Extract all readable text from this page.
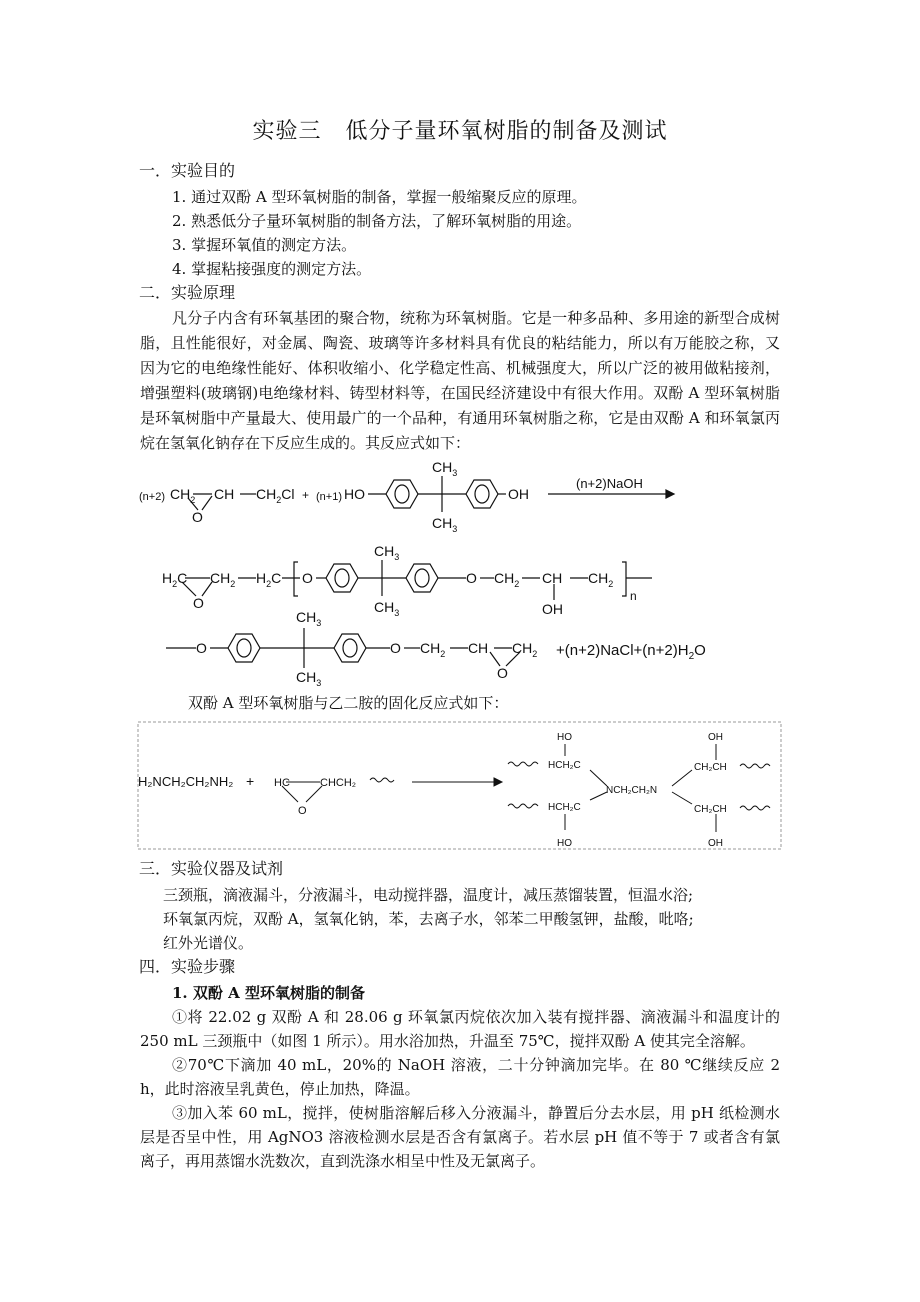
实验三 低分子量环氧树脂的制备及测试
一．实验目的
1. 通过双酚 A 型环氧树脂的制备，掌握一般缩聚反应的原理。
2. 熟悉低分子量环氧树脂的制备方法，了解环氧树脂的用途。
3. 掌握环氧值的测定方法。
4. 掌握粘接强度的测定方法。
二．实验原理
凡分子内含有环氧基团的聚合物，统称为环氧树脂。它是一种多品种、多用途的新型合成树脂，且性能很好，对金属、陶瓷、玻璃等许多材料具有优良的粘结能力，所以有万能胶之称，又因为它的电绝缘性能好、体积收缩小、化学稳定性高、机械强度大，所以广泛的被用做粘接剂，增强塑料(玻璃钢)电绝缘材料、铸型材料等，在国民经济建设中有很大作用。双酚 A 型环氧树脂是环氧树脂中产量最大、使用最广的一个品种，有通用环氧树脂之称，它是由双酚 A 和环氧氯丙烷在氢氧化钠存在下反应生成的。其反应式如下：
(n+2) $CH_2$ CH $CH_2Cl$
O
+ (n+1) HO	OH
$CH_3$
$CH_3$
(n+2)NaOH
$H_2C$ $CH_2$ $H_2C$
O
O
$CH_3$
$CH_3$
O $CH_2$ CH
OH
$CH_2$
n
O
$CH_3$
$CH_3$
O $CH_2$ C H $CH_2$
O
$+(n+2)NaCl+(n+2)H_2O$
双酚 A 型环氧树脂与乙二胺的固化反应式如下：
H₂NCH₂CH₂NH₂ + HC	CHCH₂
O
HO
HCH₂C
HCH₂C
HO
NCH₂CH₂N
OH
CH₂CH
CH₂CH
OH
三．实验仪器及试剂
三颈瓶，滴液漏斗，分液漏斗，电动搅拌器，温度计，减压蒸馏装置，恒温水浴;
环氧氯丙烷，双酚 A，氢氧化钠，苯，去离子水，邻苯二甲酸氢钾，盐酸，吡咯;
红外光谱仪。
四．实验步骤
1. 双酚 A 型环氧树脂的制备
①将 22.02 g 双酚 A 和 28.06 g 环氧氯丙烷依次加入装有搅拌器、滴液漏斗和温度计的 250 mL 三颈瓶中（如图 1 所示）。用水浴加热，升温至 75℃，搅拌双酚 A 使其完全溶解。
②70℃下滴加 40 mL，20%的 NaOH 溶液，二十分钟滴加完毕。在 80 ℃继续反应 2 h，此时溶液呈乳黄色，停止加热，降温。
③加入苯 60 mL，搅拌，使树脂溶解后移入分液漏斗，静置后分去水层，用 pH 纸检测水层是否呈中性，用 AgNO3 溶液检测水层是否含有氯离子。若水层 pH 值不等于 7 或者含有氯离子，再用蒸馏水洗数次，直到洗涤水相呈中性及无氯离子。
